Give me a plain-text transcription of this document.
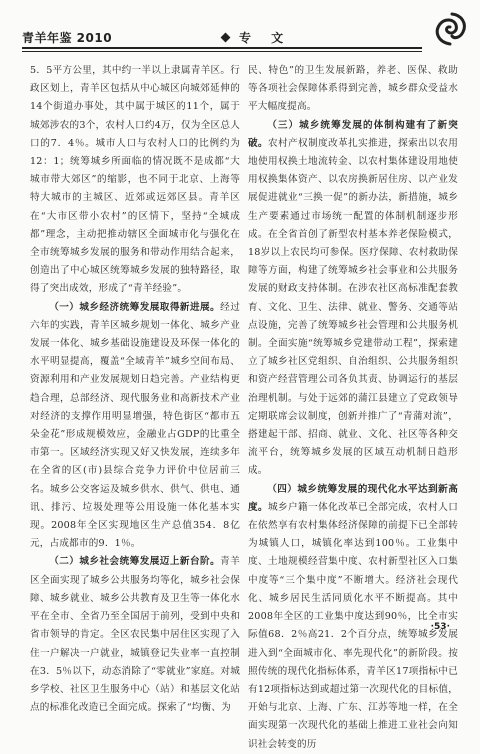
青羊年鉴 2010	专 文

5．5平方公里，其中约一半以上隶属青羊区。行政区划上，青羊区包括从中心城区向城郊延伸的14个街道办事处，其中属于城区的11个，属于城郊涉农的3个，农村人口约4万，仅为全区总人口的7．4％。城市人口与农村人口的比例约为12：1；统筹城乡所面临的情况既不是成都“大城市带大郊区”的缩影，也不同于北京、上海等特大城市的主城区、近郊或远郊区县。青羊区在“大市区带小农村”的区情下，坚持“全城成都”理念，主动把推动辖区全面城市化与强化在全市统筹城乡发展的服务和带动作用结合起来，创造出了中心城区统筹城乡发展的独特路径，取得了突出成效，形成了“青羊经验”。

（一）城乡经济统筹发展取得新进展。经过六年的实践，青羊区城乡规划一体化、城乡产业发展一体化、城乡基础设施建设及环保一体化的水平明显提高，覆盖“全域青羊”城乡空间布局、资源利用和产业发展规划日趋完善。产业结构更趋合理，总部经济、现代服务业和高新技术产业对经济的支撑作用明显增强，特色街区“都市五朵金花”形成规模效应，金融业占GDP的比重全市第一。区域经济实现又好又快发展，连续多年在全省的区(市)县综合竞争力评价中位居前三名。城乡公交客运及城乡供水、供气、供电、通讯、排污、垃圾处理等公用设施一体化基本实现。2008年全区实现地区生产总值354．8亿元，占成都市的9．1％。

（二）城乡社会统筹发展迈上新台阶。青羊区全面实现了城乡公共服务均等化，城乡社会保障、城乡就业、城乡公共教育及卫生等一体化水平在全市、全省乃至全国居于前列，受到中央和省市领导的肯定。全区农民集中居住区实现了入住一户解决一户就业，城镇登记失业率一直控制在3．5％以下，动态消除了“零就业”家庭。对城乡学校、社区卫生服务中心（站）和基层文化站点的标准化改造已全面完成。探索了“均衡、为

民、特色”的卫生发展新路，养老、医保、救助等各项社会保障体系得到完善，城乡群众受益水平大幅度提高。

（三）城乡统筹发展的体制构建有了新突破。农村产权制度改革扎实推进，探索出以农用地使用权换土地流转金、以农村集体建设用地使用权换集体资产、以农房换新居住房、以产业发展促进就业“三换一促”的新办法，新措施，城乡生产要素通过市场统一配置的体制机制逐步形成。在全省首创了新型农村基本养老保险模式，18岁以上农民均可参保。医疗保障、农村救助保障等方面，构建了统筹城乡社会事业和公共服务发展的财政支持体制。在涉农社区高标准配套教育、文化、卫生、法律、就业、警务、交通等站点设施，完善了统筹城乡社会管理和公共服务机制。全面实施“统筹城乡党建带动工程”，探索建立了城乡社区党组织、自治组织、公共服务组织和资产经营管理公司各负其责、协调运行的基层治理机制。与处于远郊的蒲江县建立了党政领导定期联席会议制度，创新并推广了“青蒲对流”，搭建起干部、招商、就业、文化、社区等各种交流平台，统筹城乡发展的区域互动机制日趋形成。

（四）城乡统筹发展的现代化水平达到新高度。城乡户籍一体化改革已全部完成，农村人口在依然享有农村集体经济保障的前提下已全部转为城镇人口，城镇化率达到100％。工业集中度、土地规模经营集中度、农村新型社区入口集中度等“三个集中度”不断增大。经济社会现代化、城乡居民生活同质化水平不断提高。其中2008年全区的工业集中度达到90％，比全市实际值68．2％高21．2个百分点，统筹城乡发展进入到“全面城市化、率先现代化”的新阶段。按照传统的现代化指标体系，青羊区17项指标中已有12项指标达到或超过第一次现代化的目标值，开始与北京、上海、广东、江苏等地一样，在全面实现第一次现代化的基础上推进工业社会向知识社会转变的历

·53·
